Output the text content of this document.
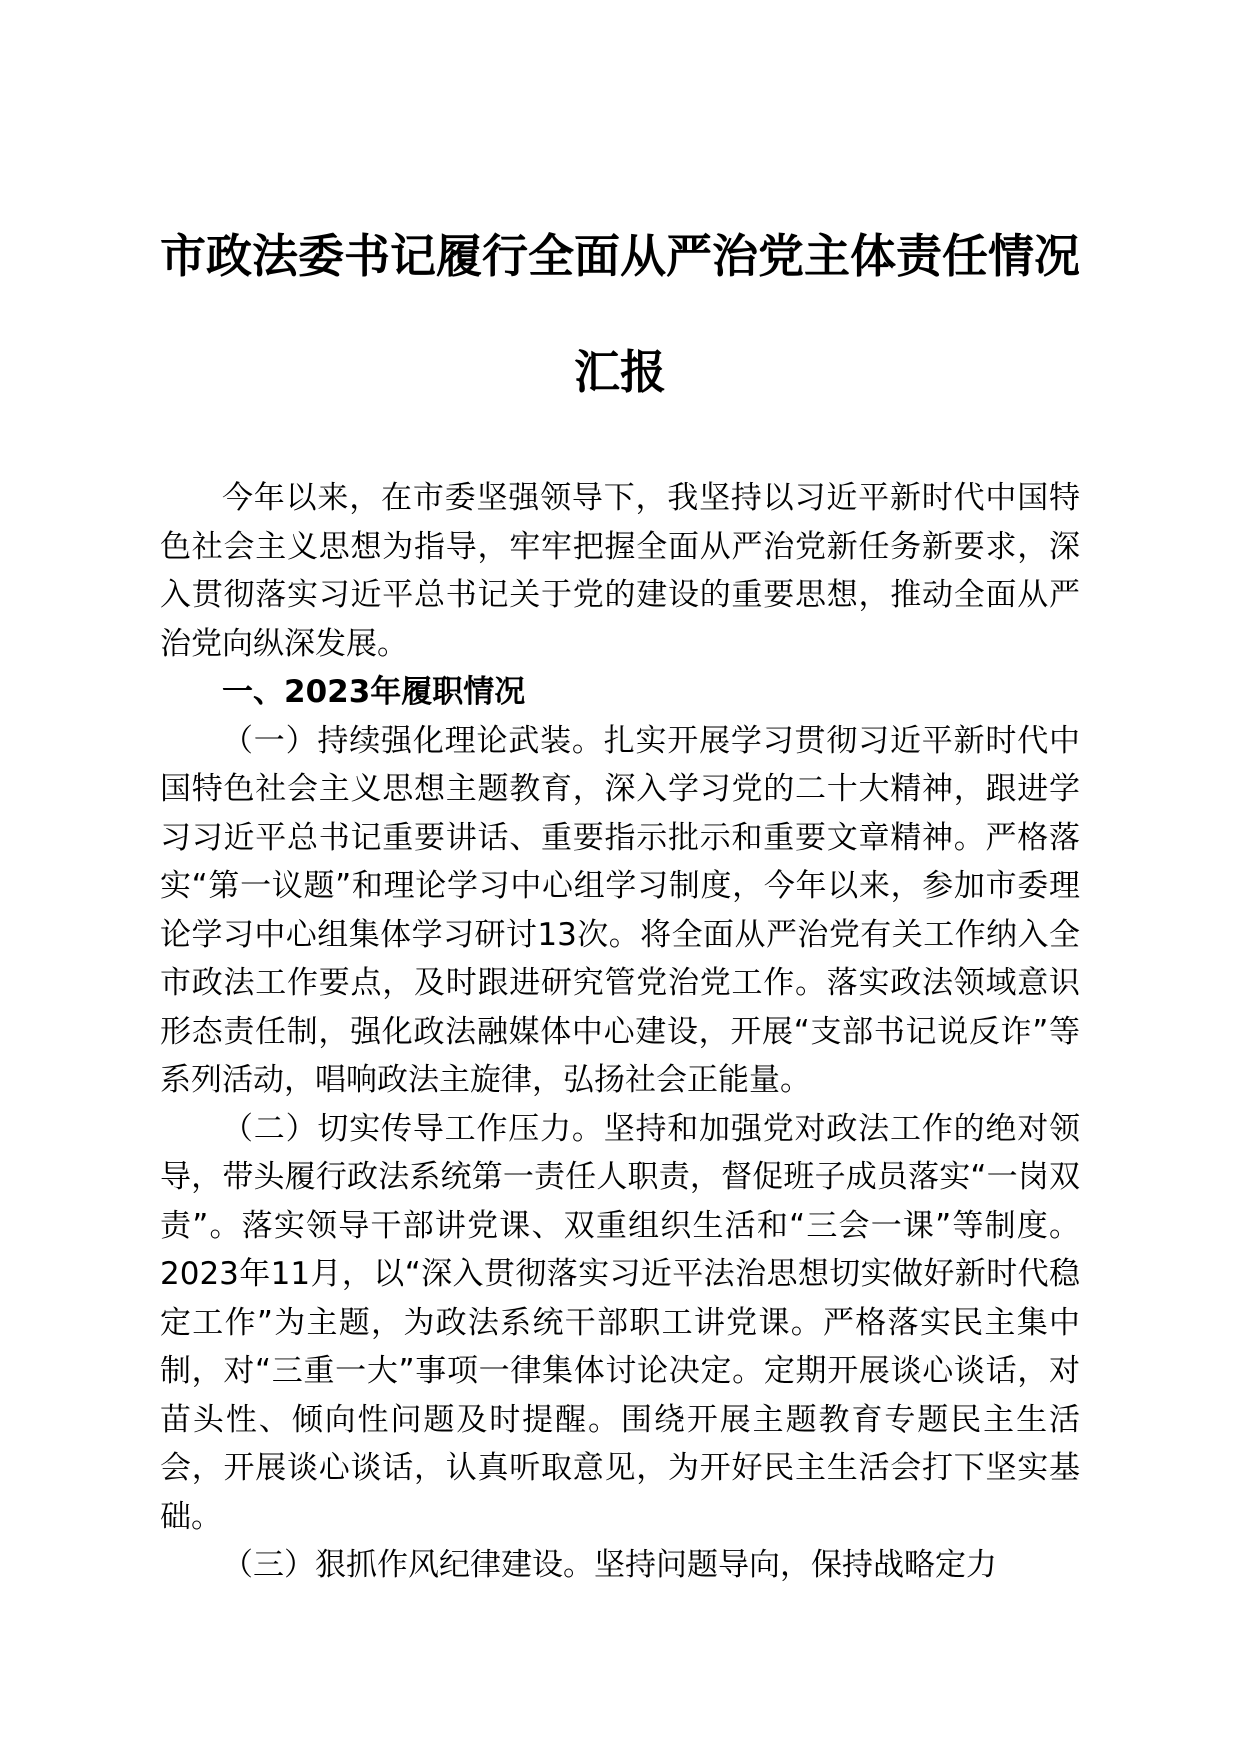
市政法委书记履行全面从严治党主体责任情况
汇报

今年以来，在市委坚强领导下，我坚持以习近平新时代中国特色社会主义思想为指导，牢牢把握全面从严治党新任务新要求，深入贯彻落实习近平总书记关于党的建设的重要思想，推动全面从严治党向纵深发展。

一、2023年履职情况

（一）持续强化理论武装。扎实开展学习贯彻习近平新时代中国特色社会主义思想主题教育，深入学习党的二十大精神，跟进学习习近平总书记重要讲话、重要指示批示和重要文章精神。严格落实“第一议题”和理论学习中心组学习制度，今年以来，参加市委理论学习中心组集体学习研讨13次。将全面从严治党有关工作纳入全市政法工作要点，及时跟进研究管党治党工作。落实政法领域意识形态责任制，强化政法融媒体中心建设，开展“支部书记说反诈”等系列活动，唱响政法主旋律，弘扬社会正能量。

（二）切实传导工作压力。坚持和加强党对政法工作的绝对领导，带头履行政法系统第一责任人职责，督促班子成员落实“一岗双责”。落实领导干部讲党课、双重组织生活和“三会一课”等制度。2023年11月，以“深入贯彻落实习近平法治思想切实做好新时代稳定工作”为主题，为政法系统干部职工讲党课。严格落实民主集中制，对“三重一大”事项一律集体讨论决定。定期开展谈心谈话，对苗头性、倾向性问题及时提醒。围绕开展主题教育专题民主生活会，开展谈心谈话，认真听取意见，为开好民主生活会打下坚实基础。

（三）狠抓作风纪律建设。坚持问题导向，保持战略定力
